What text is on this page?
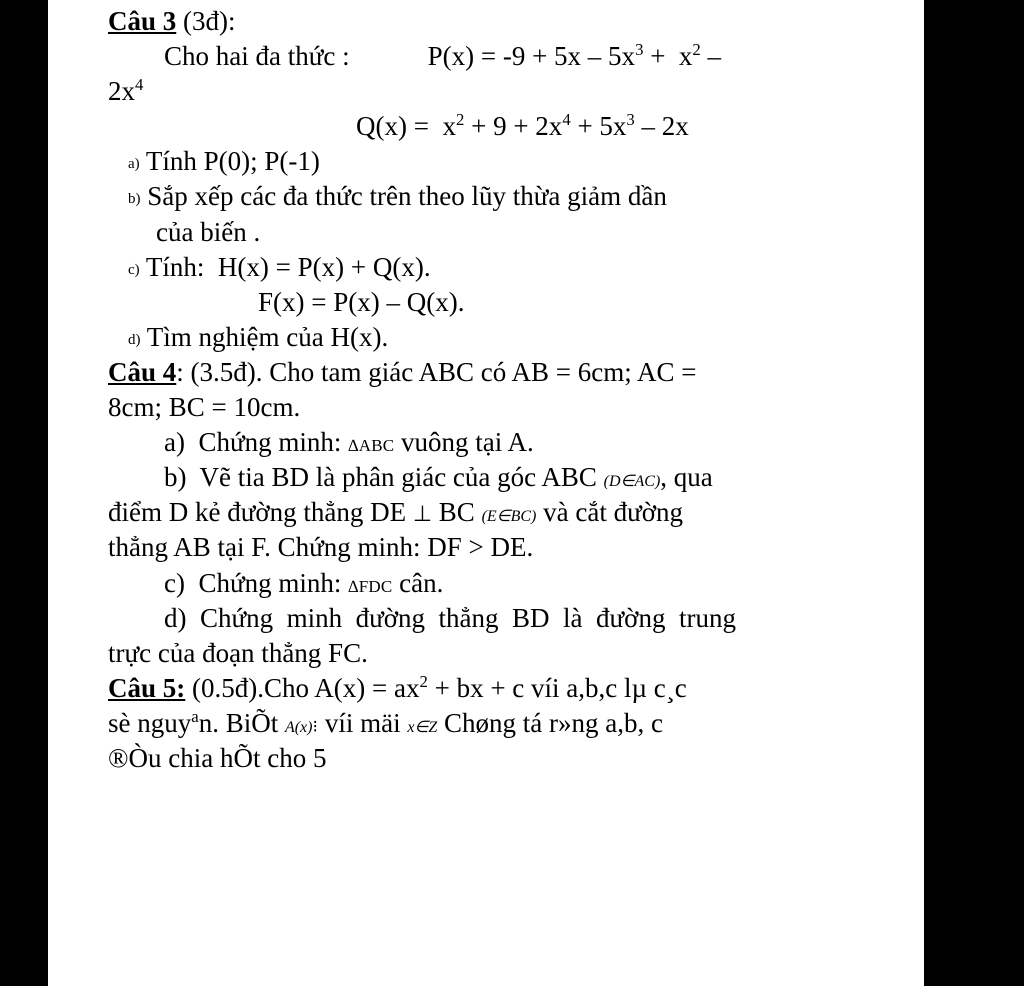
Câu 3 (3đ):
Cho hai đa thức :	$P(x) = -9 + 5x - 5x^3 + x^2$ –
$2x^4$
$Q(x) = x^2 + 9 + 2x^4 + 5x^3 - 2x$
a) Tính P(0); P(-1)
b) Sắp xếp các đa thức trên theo lũy thừa giảm dần
của biến .
c) Tính:  H(x) = P(x) + Q(x).
F(x) = P(x) – Q(x).
d) Tìm nghiệm của H(x).
Câu 4: (3.5đ). Cho tam giác ABC có AB = 6cm; AC =
8cm; BC = 10cm.
a) Chứng minh: ∆ABC vuông tại A.
b) Vẽ tia BD là phân giác của góc ABC (D∈AC), qua
điểm D kẻ đường thẳng DE ⊥ BC (E∈BC) và cắt đường
thẳng AB tại F. Chứng minh: DF > DE.
c) Chứng minh: ∆FDC cân.
d) Chứng  minh  đường  thẳng  BD  là  đường  trung
trực của đoạn thẳng FC.
Câu 5: (0.5đ).Cho $A(x) = ax^2$ + bx + c víi a,b,c lµ c¸c
sè nguy$^a$n. BiÕt A(x)⁝ víi mäi x∈Z Chøng tá r»ng a,b, c
®Òu chia hÕt cho 5
